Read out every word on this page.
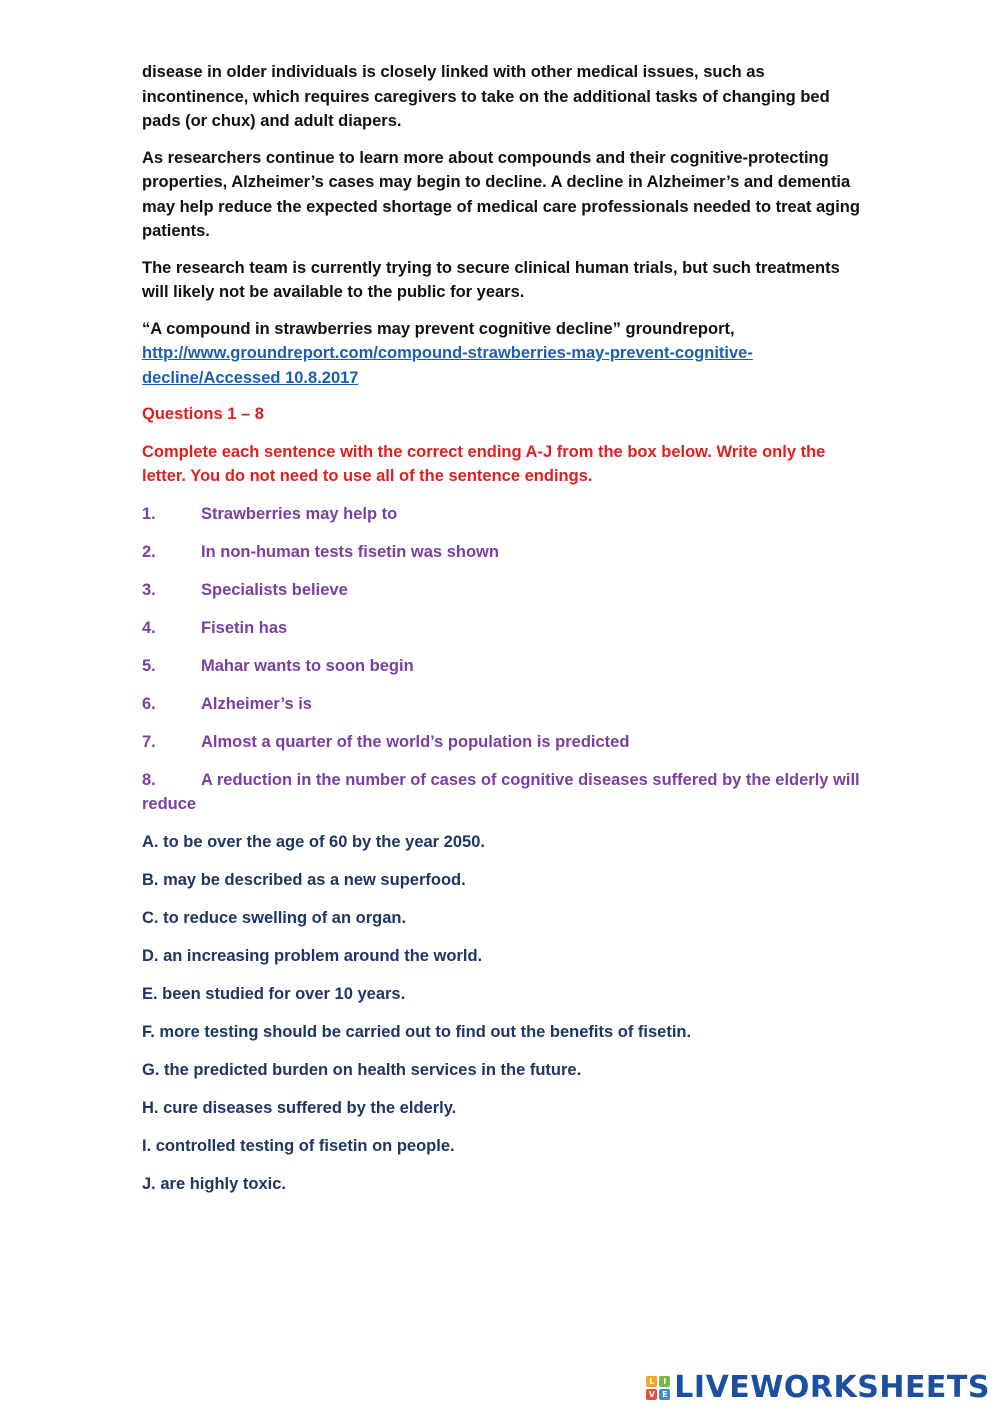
disease in older individuals is closely linked with other medical issues, such as incontinence, which requires caregivers to take on the additional tasks of changing bed pads (or chux) and adult diapers.

As researchers continue to learn more about compounds and their cognitive-protecting properties, Alzheimer’s cases may begin to decline. A decline in Alzheimer’s and dementia may help reduce the expected shortage of medical care professionals needed to treat aging patients.

The research team is currently trying to secure clinical human trials, but such treatments will likely not be available to the public for years.

“A compound in strawberries may prevent cognitive decline” groundreport,
http://www.groundreport.com/compound-strawberries-may-prevent-cognitive-
decline/Accessed 10.8.2017

Questions 1 – 8

Complete each sentence with the correct ending A-J from the box below. Write only the letter. You do not need to use all of the sentence endings.

1.	Strawberries may help to

2.	In non-human tests fisetin was shown

3.	Specialists believe

4.	Fisetin has

5.	Mahar wants to soon begin

6.	Alzheimer’s is

7.	Almost a quarter of the world’s population is predicted

8.	A reduction in the number of cases of cognitive diseases suffered by the elderly will reduce

A. to be over the age of 60 by the year 2050.

B. may be described as a new superfood.

C. to reduce swelling of an organ.

D. an increasing problem around the world.

E. been studied for over 10 years.

F. more testing should be carried out to find out the benefits of fisetin.

G. the predicted burden on health services in the future.

H. cure diseases suffered by the elderly.

I. controlled testing of fisetin on people.

J. are highly toxic.

L	I
V E LIVEWORKSHEETS
